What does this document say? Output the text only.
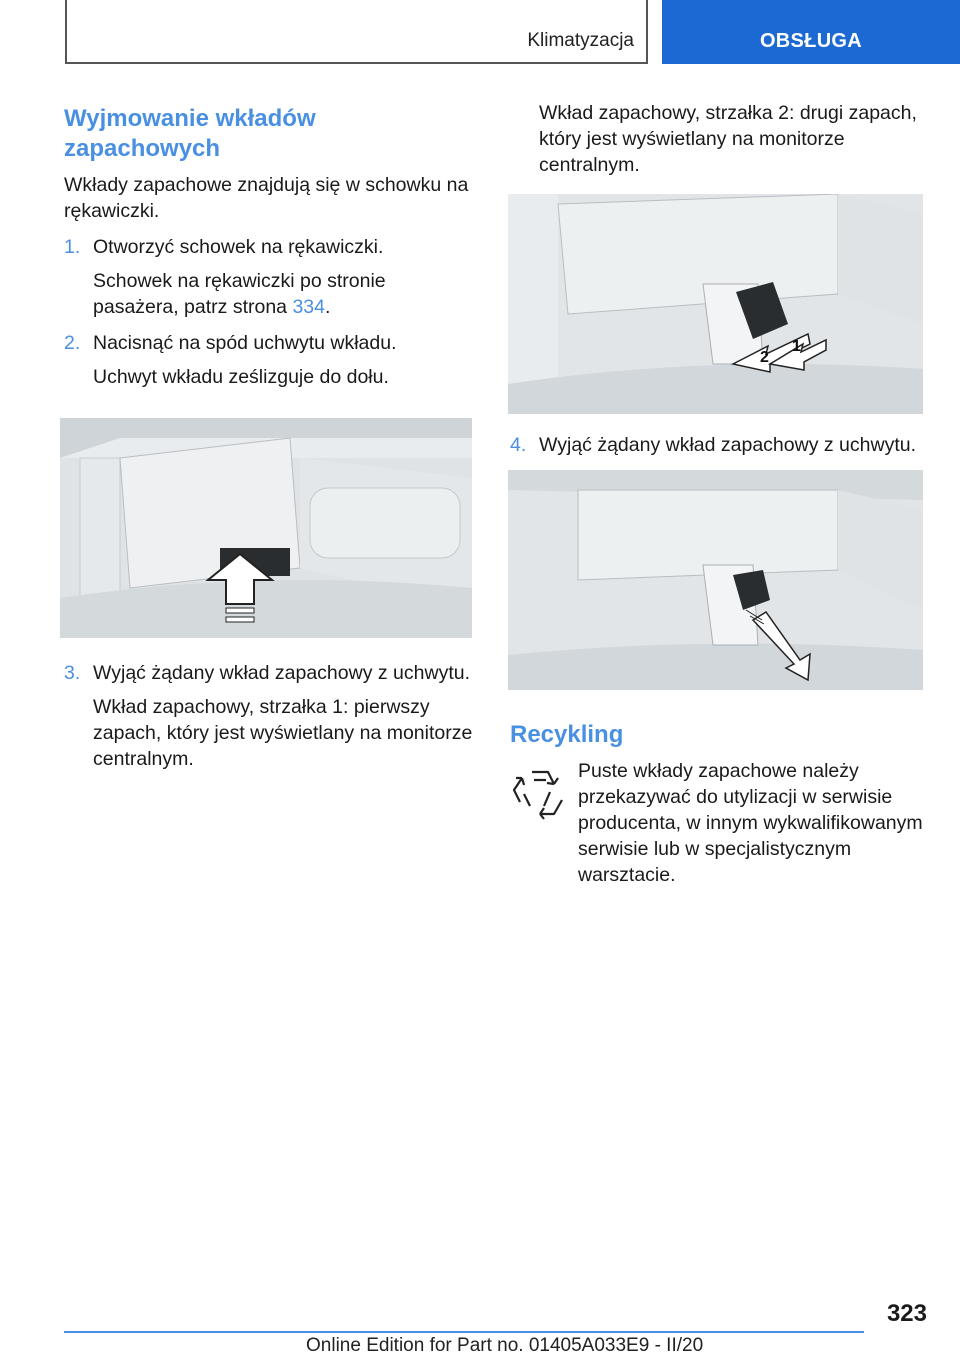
Klimatyzacja	OBSŁUGA
Wyjmowanie wkładów zapachowych

Wkłady zapachowe znajdują się w schowku na rękawiczki.

1. Otworzyć schowek na rękawiczki.

Schowek na rękawiczki po stronie pasażera, patrz strona 334.

2. Nacisnąć na spód uchwytu wkładu.

Uchwyt wkładu ześlizguje do dołu.

3. Wyjąć żądany wkład zapachowy z uchwytu.

Wkład zapachowy, strzałka 1: pierwszy zapach, który jest wyświetlany na monitorze centralnym.

Wkład zapachowy, strzałka 2: drugi zapach, który jest wyświetlany na monitorze centralnym.

2
1
4. Wyjąć żądany wkład zapachowy z uchwytu.
Recykling

Puste wkłady zapachowe należy przekazywać do utylizacji w serwisie producenta, w innym wykwalifikowanym serwisie lub w specjalistycznym warsztacie.

323
Online Edition for Part no. 01405A033E9 - II/20
